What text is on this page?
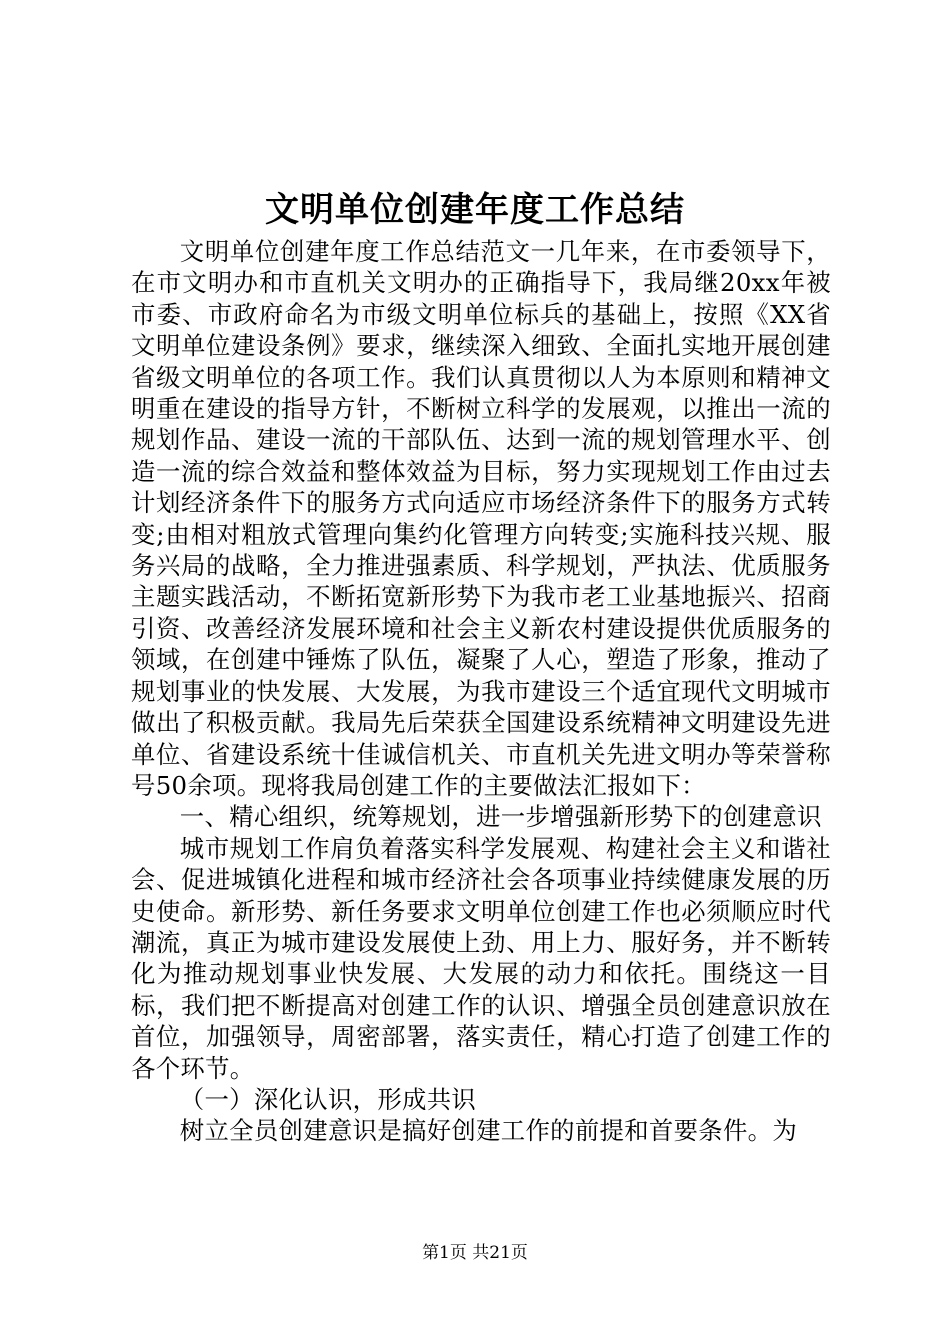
文明单位创建年度工作总结

文明单位创建年度工作总结范文一几年来，在市委领导下，在市文明办和市直机关文明办的正确指导下，我局继20xx年被市委、市政府命名为市级文明单位标兵的基础上，按照《XX省文明单位建设条例》要求，继续深入细致、全面扎实地开展创建省级文明单位的各项工作。我们认真贯彻以人为本原则和精神文明重在建设的指导方针，不断树立科学的发展观，以推出一流的规划作品、建设一流的干部队伍、达到一流的规划管理水平、创造一流的综合效益和整体效益为目标，努力实现规划工作由过去计划经济条件下的服务方式向适应市场经济条件下的服务方式转变;由相对粗放式管理向集约化管理方向转变;实施科技兴规、服务兴局的战略，全力推进强素质、科学规划，严执法、优质服务主题实践活动，不断拓宽新形势下为我市老工业基地振兴、招商引资、改善经济发展环境和社会主义新农村建设提供优质服务的领域，在创建中锤炼了队伍，凝聚了人心，塑造了形象，推动了规划事业的快发展、大发展，为我市建设三个适宜现代文明城市做出了积极贡献。我局先后荣获全国建设系统精神文明建设先进单位、省建设系统十佳诚信机关、市直机关先进文明办等荣誉称号50余项。现将我局创建工作的主要做法汇报如下：

一、精心组织，统筹规划，进一步增强新形势下的创建意识

城市规划工作肩负着落实科学发展观、构建社会主义和谐社会、促进城镇化进程和城市经济社会各项事业持续健康发展的历史使命。新形势、新任务要求文明单位创建工作也必须顺应时代潮流，真正为城市建设发展使上劲、用上力、服好务，并不断转化为推动规划事业快发展、大发展的动力和依托。围绕这一目标，我们把不断提高对创建工作的认识、增强全员创建意识放在首位，加强领导，周密部署，落实责任，精心打造了创建工作的各个环节。

（一）深化认识，形成共识

树立全员创建意识是搞好创建工作的前提和首要条件。为

第1页 共21页
